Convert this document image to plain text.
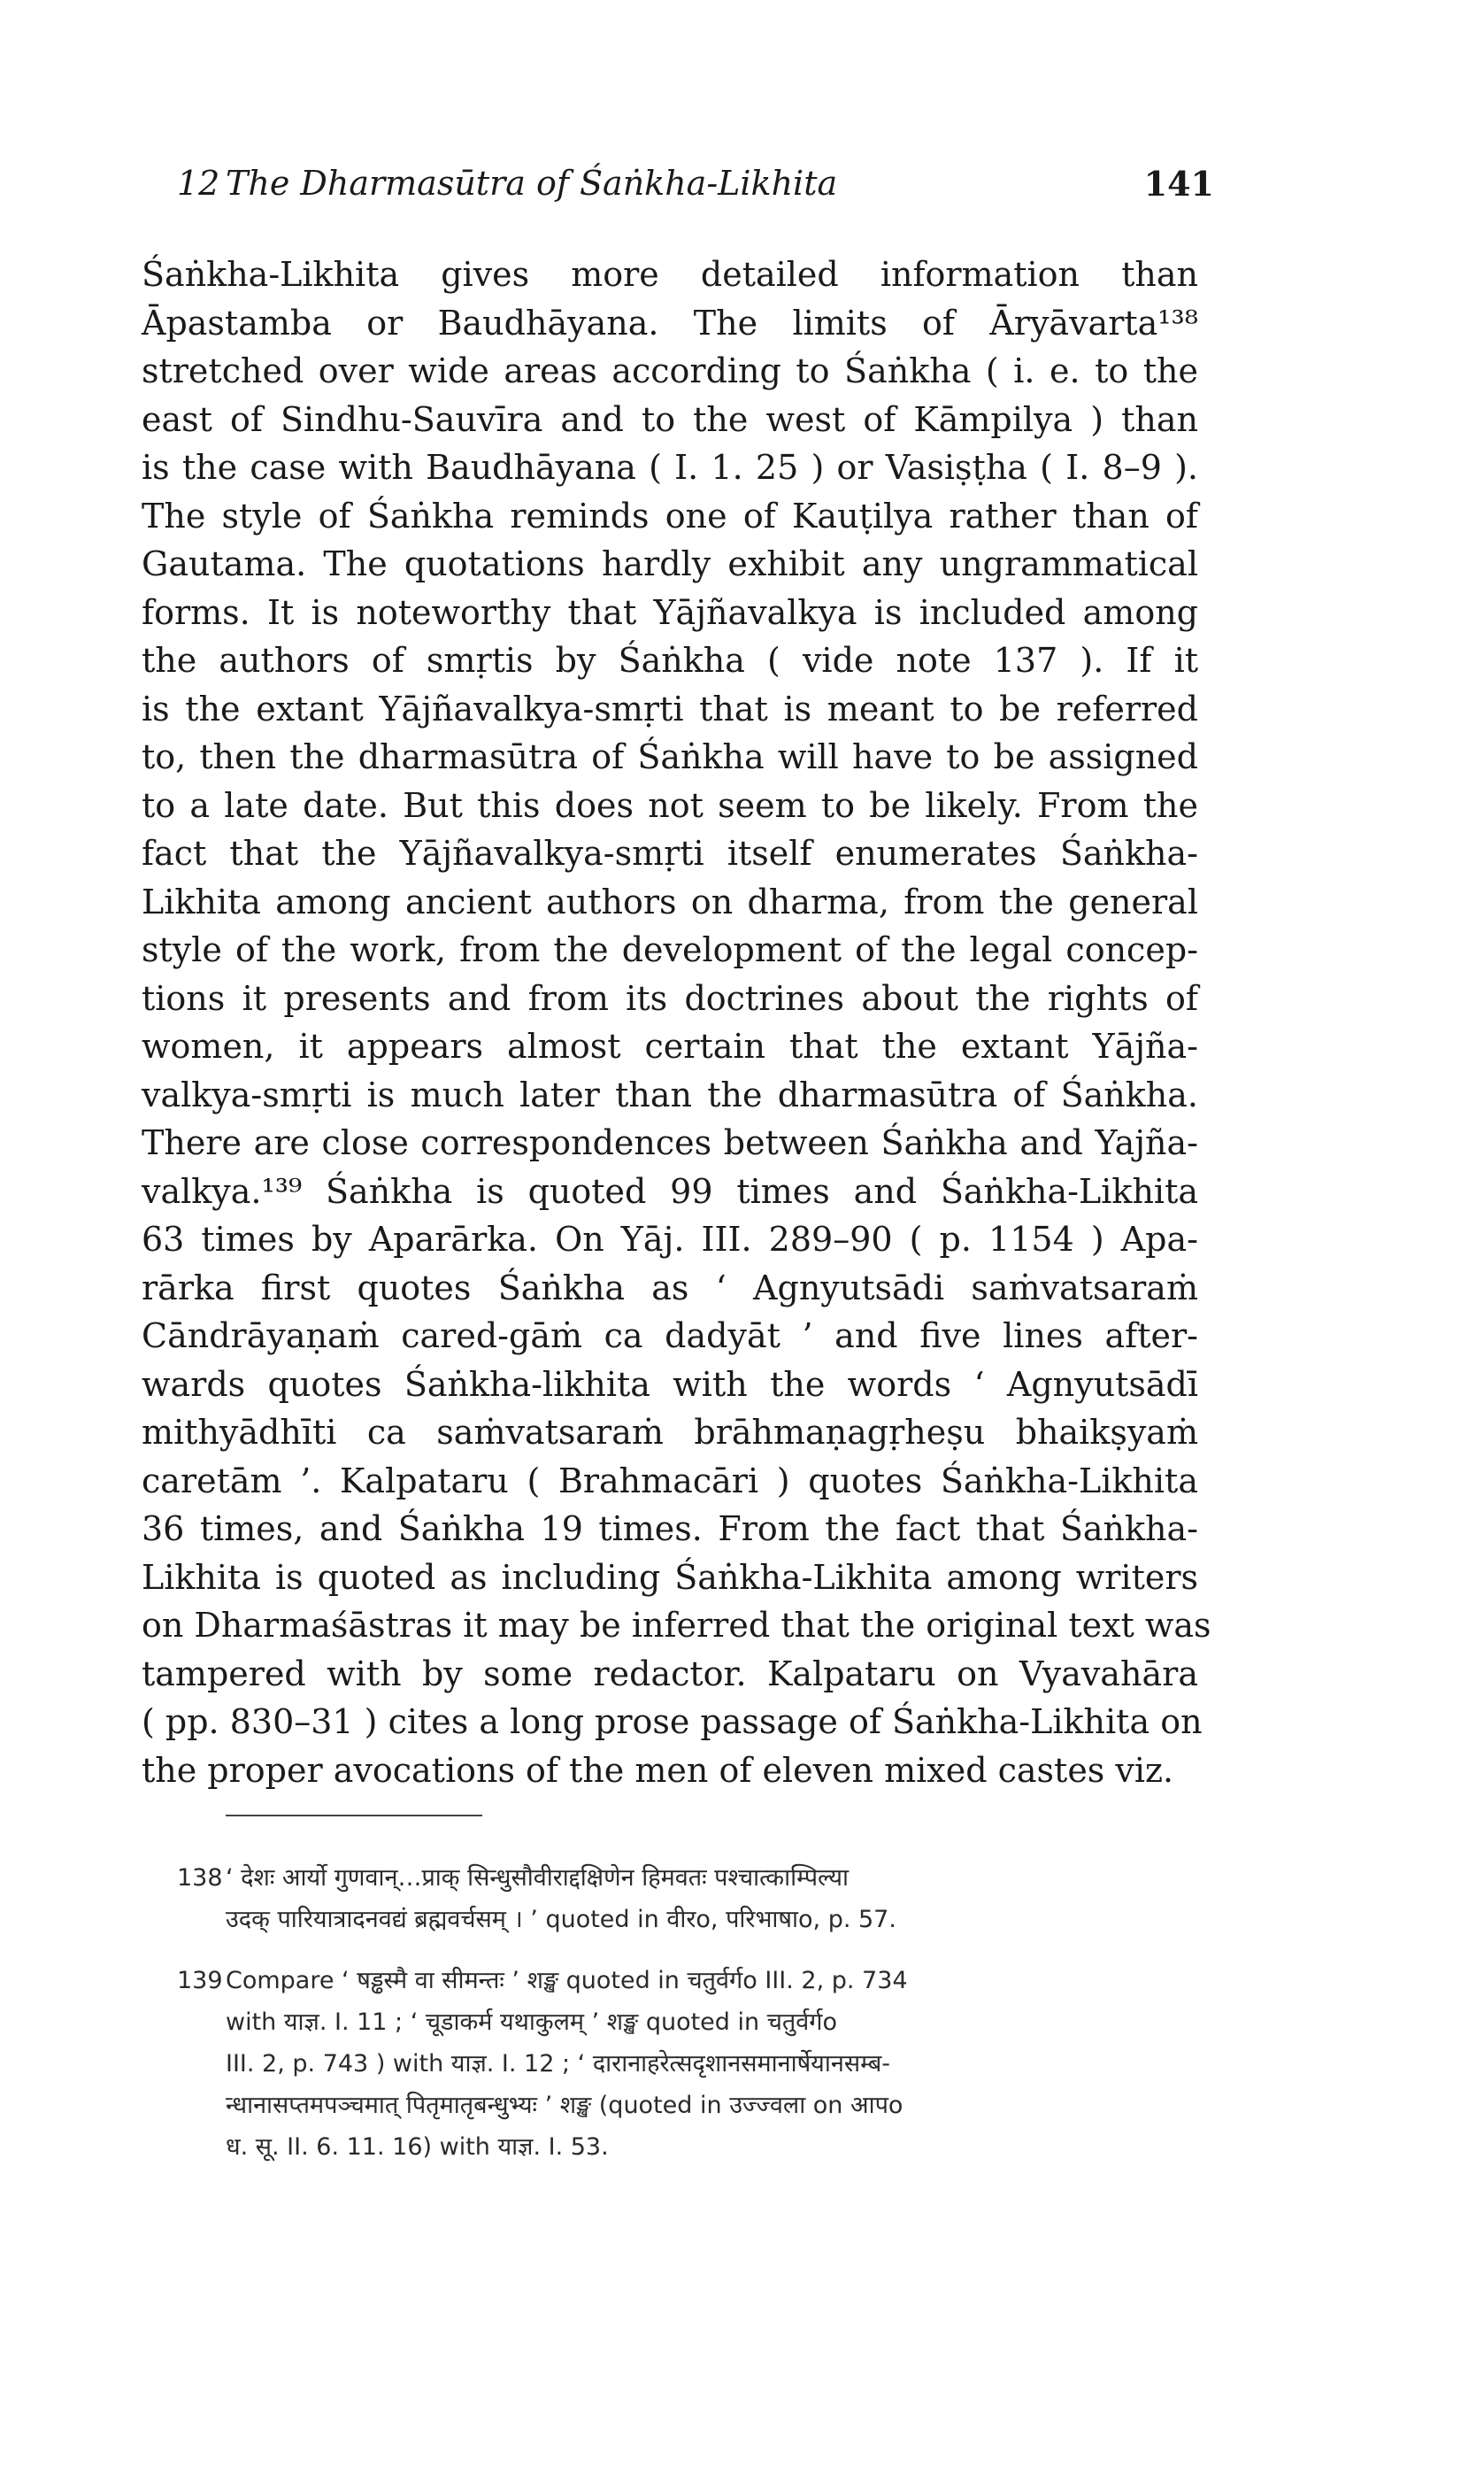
12 The Dharmasūtra of Śaṅkha-Likhita	141
Śaṅkha-Likhita gives more detailed information than
Āpastamba or Baudhāyana. The limits of Āryāvarta¹³⁸
stretched over wide areas according to Śaṅkha ( i. e. to the
east of Sindhu-Sauvīra and to the west of Kāmpilya ) than
is the case with Baudhāyana ( I. 1. 25 ) or Vasiṣṭha ( I. 8–9 ).
The style of Śaṅkha reminds one of Kauṭilya rather than of
Gautama. The quotations hardly exhibit any ungrammatical
forms. It is noteworthy that Yājñavalkya is included among
the authors of smṛtis by Śaṅkha ( vide note 137 ). If it
is the extant Yājñavalkya-smṛti that is meant to be referred
to, then the dharmasūtra of Śaṅkha will have to be assigned
to a late date. But this does not seem to be likely. From the
fact that the Yājñavalkya-smṛti itself enumerates Śaṅkha-
Likhita among ancient authors on dharma, from the general
style of the work, from the development of the legal concep-
tions it presents and from its doctrines about the rights of
women, it appears almost certain that the extant Yājña-
valkya-smṛti is much later than the dharmasūtra of Śaṅkha.
There are close correspondences between Śaṅkha and Yajña-
valkya.¹³⁹ Śaṅkha is quoted 99 times and Śaṅkha-Likhita
63 times by Aparārka. On Yāj. III. 289–90 ( p. 1154 ) Apa-
rārka first quotes Śaṅkha as ‘ Agnyutsādi saṁvatsaraṁ
Cāndrāyaṇaṁ cared-gāṁ ca dadyāt ’ and five lines after-
wards quotes Śaṅkha-likhita with the words ‘ Agnyutsādī
mithyādhīti ca saṁvatsaraṁ brāhmaṇagṛheṣu bhaikṣyaṁ
caretām ’. Kalpataru ( Brahmacāri ) quotes Śaṅkha-Likhita
36 times, and Śaṅkha 19 times. From the fact that Śaṅkha-
Likhita is quoted as including Śaṅkha-Likhita among writers
on Dharmaśāstras it may be inferred that the original text was
tampered with by some redactor. Kalpataru on Vyavahāra
( pp. 830–31 ) cites a long prose passage of Śaṅkha-Likhita on
the proper avocations of the men of eleven mixed castes viz.
138 ‘ देशः आर्यो गुणवान्…प्राक् सिन्धुसौवीराद्दक्षिणेन हिमवतः पश्चात्काम्पिल्या
उदक् पारियात्रादनवद्यं ब्रह्मवर्चसम् । ’ quoted in वीरo, परिभाषाo, p. 57.
139 Compare ‘ षड्ढस्मै वा सीमन्तः ’ शङ्ख quoted in चतुर्वर्गo III. 2, p. 734
with याज्ञ. I. 11 ; ‘ चूडाकर्म यथाकुलम् ’ शङ्ख quoted in चतुर्वर्गo
III. 2, p. 743 ) with याज्ञ. I. 12 ; ‘ दारानाहरेत्सदृशानसमानार्षेयानसम्ब-
न्धानासप्तमपञ्चमात् पितृमातृबन्धुभ्यः ’ शङ्ख (quoted in उज्ज्वला on आपo
ध. सू. II. 6. 11. 16) with याज्ञ. I. 53.
